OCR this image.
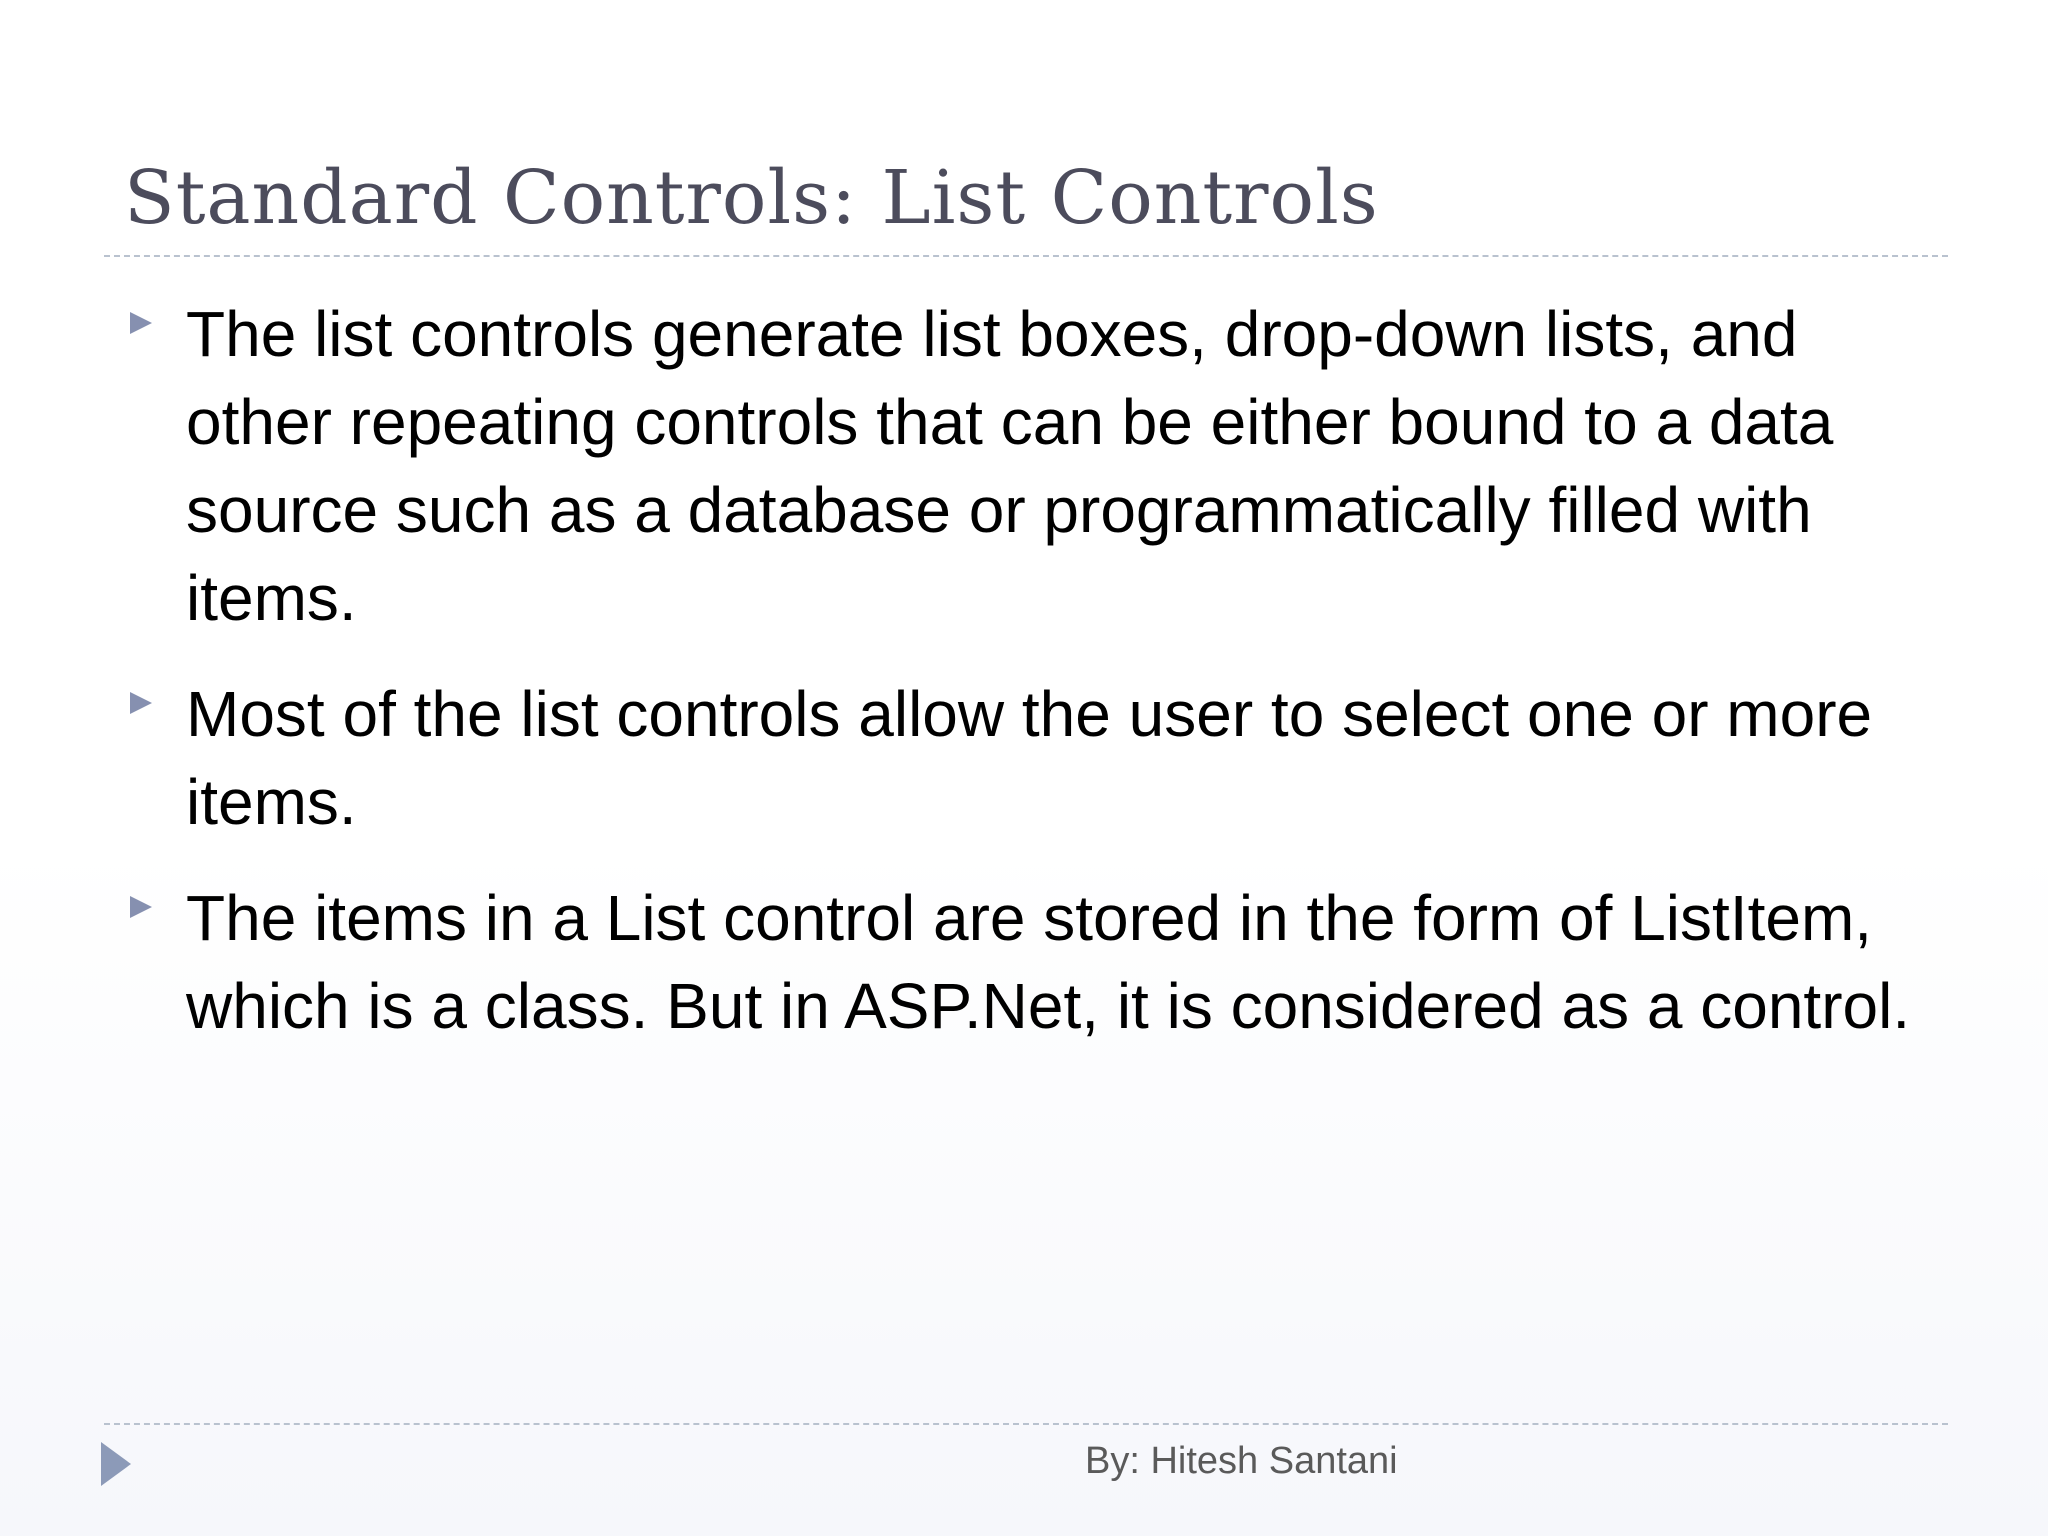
Standard Controls: List Controls
The list controls generate list boxes, drop-down lists, and other repeating controls that can be either bound to a data source such as a database or programmatically filled with items.
Most of the list controls allow the user to select one or more items.
The items in a List control are stored in the form of ListItem, which is a class. But in ASP.Net, it is considered as a control.
By: Hitesh Santani
